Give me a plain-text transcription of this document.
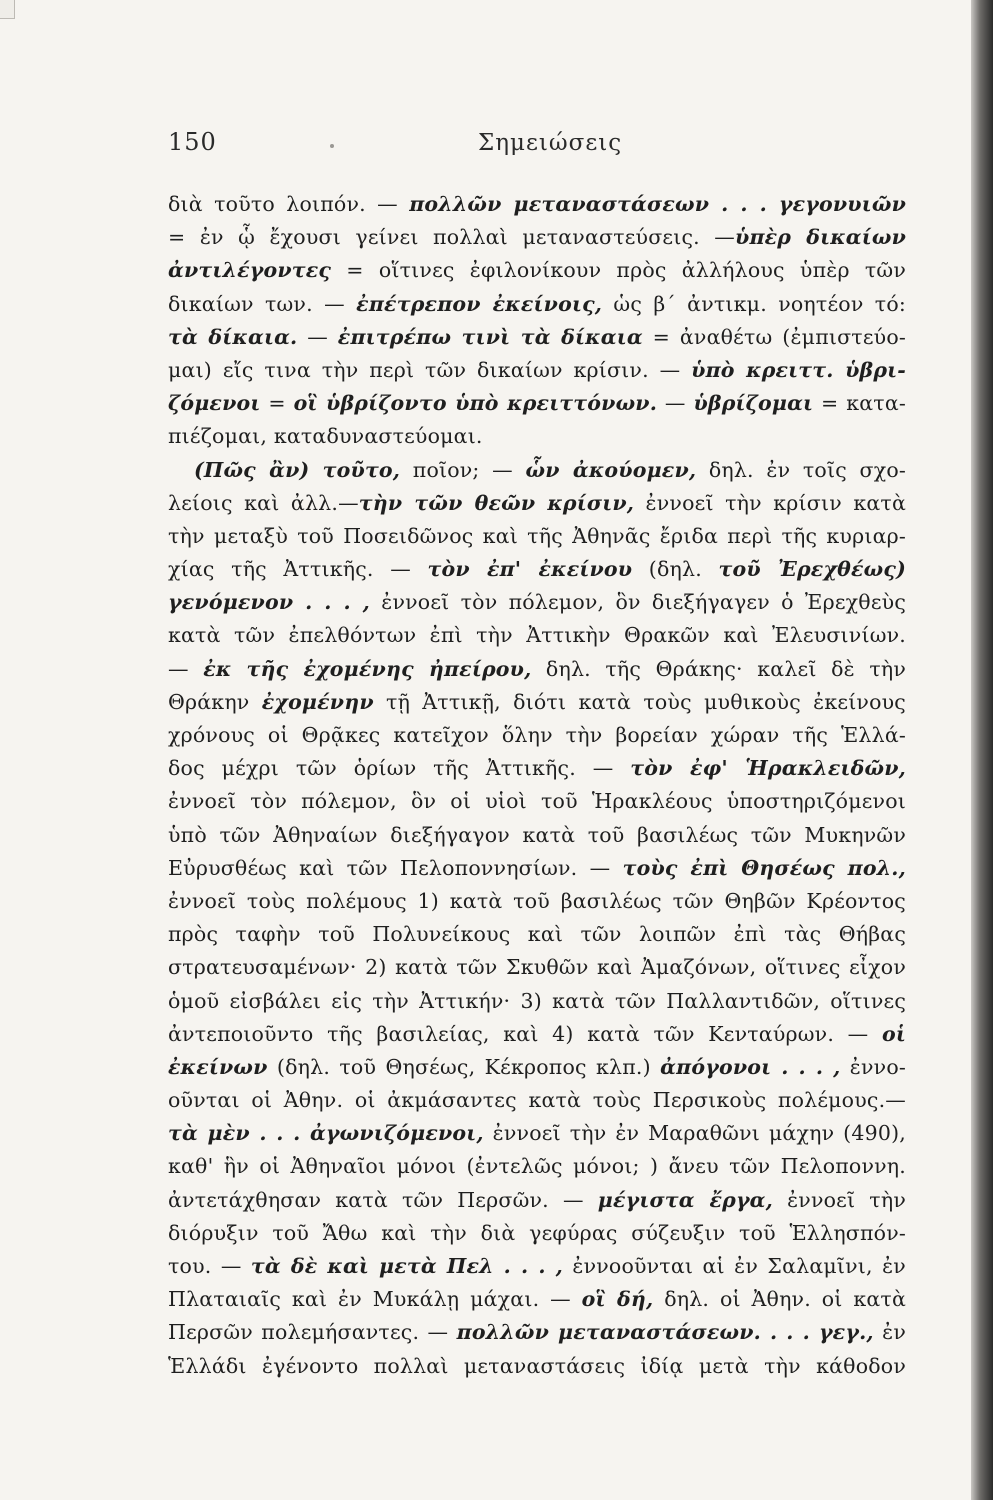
150	Σημειώσεις
διὰ τοῦτο λοιπόν. — πολλῶν μεταναστάσεων . . . γεγονυιῶν
= ἐν ᾧ ἔχουσι γείνει πολλαὶ μεταναστεύσεις. —ὑπὲρ δικαίων
ἀντιλέγοντες = οἵτινες ἐφιλονίκουν πρὸς ἀλλήλους ὑπὲρ τῶν
δικαίων των. — ἐπέτρεπον ἐκείνοις, ὡς β΄ ἀντικμ. νοητέον τό:
τὰ δίκαια. — ἐπιτρέπω τινὶ τὰ δίκαια = ἀναθέτω (ἐμπιστεύο-
μαι) εἴς τινα τὴν περὶ τῶν δικαίων κρίσιν. — ὑπὸ κρειττ. ὑβρι-
ζόμενοι = οἳ ὑβρίζοντο ὑπὸ κρειττόνων. — ὑβρίζομαι = κατα-
πιέζομαι, καταδυναστεύομαι.
(Πῶς ἂν) τοῦτο, ποῖον; — ὧν ἀκούομεν, δηλ. ἐν τοῖς σχο-
λείοις καὶ ἀλλ.—τὴν τῶν θεῶν κρίσιν, ἐννοεῖ τὴν κρίσιν κατὰ
τὴν μεταξὺ τοῦ Ποσειδῶνος καὶ τῆς Ἀθηνᾶς ἔριδα περὶ τῆς κυριαρ-
χίας τῆς Ἀττικῆς. — τὸν ἐπ' ἐκείνου (δηλ. τοῦ Ἐρεχθέως)
γενόμενον . . . , ἐννοεῖ τὸν πόλεμον, ὃν διεξήγαγεν ὁ Ἐρεχθεὺς
κατὰ τῶν ἐπελθόντων ἐπὶ τὴν Ἀττικὴν Θρακῶν καὶ Ἐλευσινίων.
— ἐκ τῆς ἐχομένης ἠπείρου, δηλ. τῆς Θράκης· καλεῖ δὲ τὴν
Θράκην ἐχομένην τῇ Ἀττικῇ, διότι κατὰ τοὺς μυθικοὺς ἐκείνους
χρόνους οἱ Θρᾷκες κατεῖχον ὅλην τὴν βορείαν χώραν τῆς Ἑλλά-
δος μέχρι τῶν ὁρίων τῆς Ἀττικῆς. — τὸν ἐφ' Ἡρακλειδῶν,
ἐννοεῖ τὸν πόλεμον, ὃν οἱ υἱοὶ τοῦ Ἡρακλέους ὑποστηριζόμενοι
ὑπὸ τῶν Ἀθηναίων διεξήγαγον κατὰ τοῦ βασιλέως τῶν Μυκηνῶν
Εὐρυσθέως καὶ τῶν Πελοποννησίων. — τοὺς ἐπὶ Θησέως πολ.,
ἐννοεῖ τοὺς πολέμους 1) κατὰ τοῦ βασιλέως τῶν Θηβῶν Κρέοντος
πρὸς ταφὴν τοῦ Πολυνείκους καὶ τῶν λοιπῶν ἐπὶ τὰς Θήβας
στρατευσαμένων· 2) κατὰ τῶν Σκυθῶν καὶ Ἀμαζόνων, οἵτινες εἶχον
ὁμοῦ εἰσβάλει εἰς τὴν Ἀττικήν· 3) κατὰ τῶν Παλλαντιδῶν, οἵτινες
ἀντεποιοῦντο τῆς βασιλείας, καὶ 4) κατὰ τῶν Κενταύρων. — οἱ
ἐκείνων (δηλ. τοῦ Θησέως, Κέκροπος κλπ.) ἀπόγονοι . . . , ἐννο-
οῦνται οἱ Ἀθην. οἱ ἀκμάσαντες κατὰ τοὺς Περσικοὺς πολέμους.—
τὰ μὲν . . . ἀγωνιζόμενοι, ἐννοεῖ τὴν ἐν Μαραθῶνι μάχην (490),
καθ' ἣν οἱ Ἀθηναῖοι μόνοι (ἐντελῶς μόνοι; ) ἄνευ τῶν Πελοποννη.
ἀντετάχθησαν κατὰ τῶν Περσῶν. — μέγιστα ἔργα, ἐννοεῖ τὴν
διόρυξιν τοῦ Ἄθω καὶ τὴν διὰ γεφύρας σύζευξιν τοῦ Ἑλλησπόν-
του. — τὰ δὲ καὶ μετὰ Πελ . . . , ἐννοοῦνται αἱ ἐν Σαλαμῖνι, ἐν
Πλαταιαῖς καὶ ἐν Μυκάλῃ μάχαι. — οἳ δή, δηλ. οἱ Ἀθην. οἱ κατὰ
Περσῶν πολεμήσαντες. — πολλῶν μεταναστάσεων. . . . γεγ., ἐν
Ἑλλάδι ἐγένοντο πολλαὶ μεταναστάσεις ἰδίᾳ μετὰ τὴν κάθοδον
